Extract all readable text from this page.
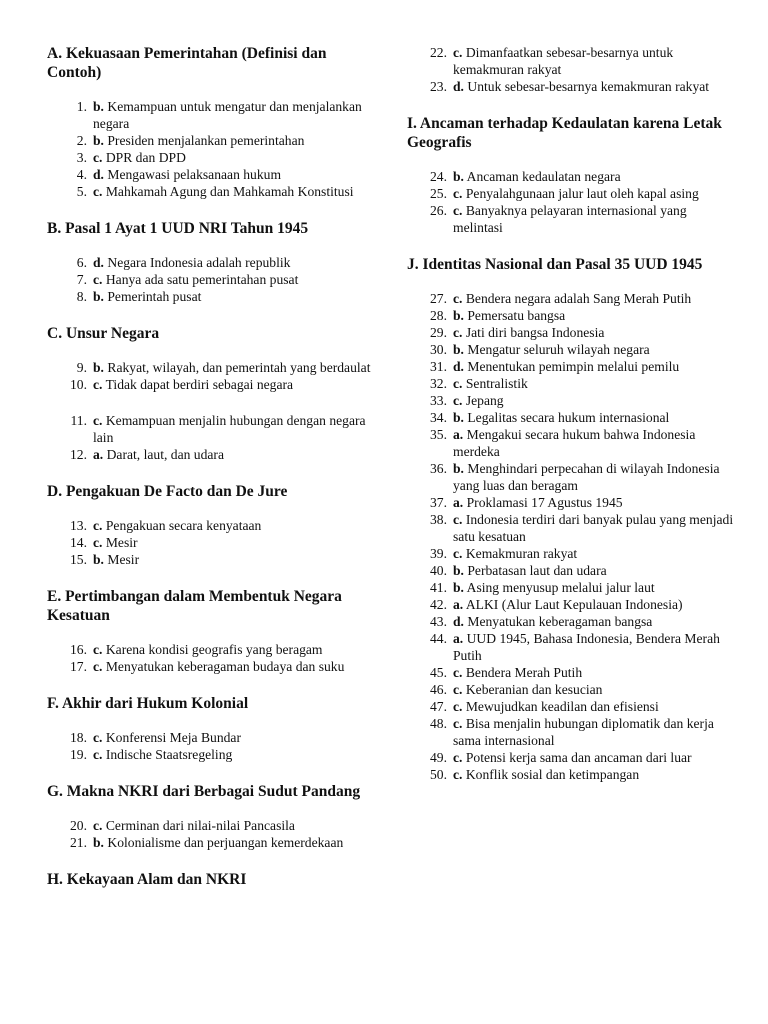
A. Kekuasaan Pemerintahan (Definisi dan Contoh)
1. b. Kemampuan untuk mengatur dan menjalankan negara
2. b. Presiden menjalankan pemerintahan
3. c. DPR dan DPD
4. d. Mengawasi pelaksanaan hukum
5. c. Mahkamah Agung dan Mahkamah Konstitusi
B. Pasal 1 Ayat 1 UUD NRI Tahun 1945
6. d. Negara Indonesia adalah republik
7. c. Hanya ada satu pemerintahan pusat
8. b. Pemerintah pusat
C. Unsur Negara
9. b. Rakyat, wilayah, dan pemerintah yang berdaulat
10. c. Tidak dapat berdiri sebagai negara
11. c. Kemampuan menjalin hubungan dengan negara lain
12. a. Darat, laut, dan udara
D. Pengakuan De Facto dan De Jure
13. c. Pengakuan secara kenyataan
14. c. Mesir
15. b. Mesir
E. Pertimbangan dalam Membentuk Negara Kesatuan
16. c. Karena kondisi geografis yang beragam
17. c. Menyatukan keberagaman budaya dan suku
F. Akhir dari Hukum Kolonial
18. c. Konferensi Meja Bundar
19. c. Indische Staatsregeling
G. Makna NKRI dari Berbagai Sudut Pandang
20. c. Cerminan dari nilai-nilai Pancasila
21. b. Kolonialisme dan perjuangan kemerdekaan
H. Kekayaan Alam dan NKRI
22. c. Dimanfaatkan sebesar-besarnya untuk kemakmuran rakyat
23. d. Untuk sebesar-besarnya kemakmuran rakyat
I. Ancaman terhadap Kedaulatan karena Letak Geografis
24. b. Ancaman kedaulatan negara
25. c. Penyalahgunaan jalur laut oleh kapal asing
26. c. Banyaknya pelayaran internasional yang melintasi
J. Identitas Nasional dan Pasal 35 UUD 1945
27. c. Bendera negara adalah Sang Merah Putih
28. b. Pemersatu bangsa
29. c. Jati diri bangsa Indonesia
30. b. Mengatur seluruh wilayah negara
31. d. Menentukan pemimpin melalui pemilu
32. c. Sentralistik
33. c. Jepang
34. b. Legalitas secara hukum internasional
35. a. Mengakui secara hukum bahwa Indonesia merdeka
36. b. Menghindari perpecahan di wilayah Indonesia yang luas dan beragam
37. a. Proklamasi 17 Agustus 1945
38. c. Indonesia terdiri dari banyak pulau yang menjadi satu kesatuan
39. c. Kemakmuran rakyat
40. b. Perbatasan laut dan udara
41. b. Asing menyusup melalui jalur laut
42. a. ALKI (Alur Laut Kepulauan Indonesia)
43. d. Menyatukan keberagaman bangsa
44. a. UUD 1945, Bahasa Indonesia, Bendera Merah Putih
45. c. Bendera Merah Putih
46. c. Keberanian dan kesucian
47. c. Mewujudkan keadilan dan efisiensi
48. c. Bisa menjalin hubungan diplomatik dan kerja sama internasional
49. c. Potensi kerja sama dan ancaman dari luar
50. c. Konflik sosial dan ketimpangan
